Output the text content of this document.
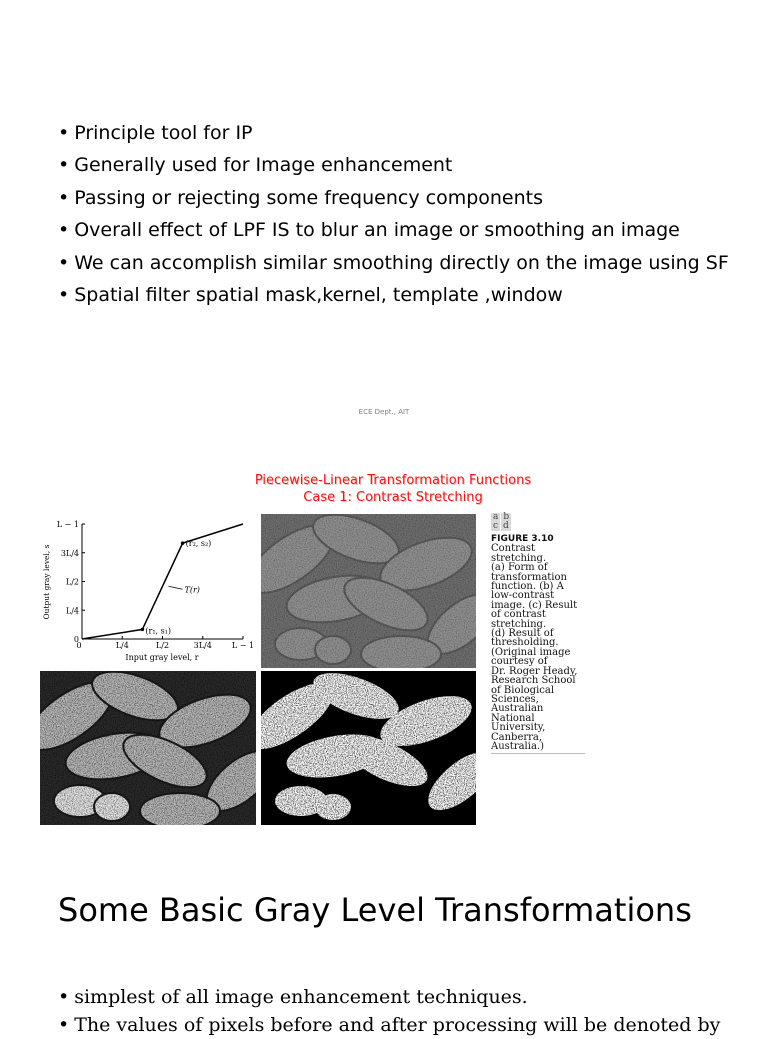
• Principle tool for IP
• Generally used for Image enhancement
• Passing or rejecting some frequency components
• Overall effect of LPF IS to blur an image or smoothing an image
• We can accomplish similar smoothing directly on the image using SF
• Spatial filter spatial mask,kernel, template ,window
ECE Dept., AIT
Piecewise-Linear Transformation Functions
Case 1: Contrast Stretching
0	L/4	L/2	3L/4	L − 1
0
L/4
L/2
3L/4
L − 1
(r₁, s₁)
(r₂, s₂)
T(r)
Input gray level, r
Output gray level, s
a b
c d
FIGURE 3.10
Contrast
stretching.
(a) Form of
transformation
function. (b) A
low-contrast
image. (c) Result
of contrast
stretching.
(d) Result of
thresholding.
(Original image
courtesy of
Dr. Roger Heady,
Research School
of Biological
Sciences,
Australian
National
University,
Canberra,
Australia.)
Some Basic Gray Level Transformations
• simplest of all image enhancement techniques.
• The values of pixels before and after processing will be denoted by
